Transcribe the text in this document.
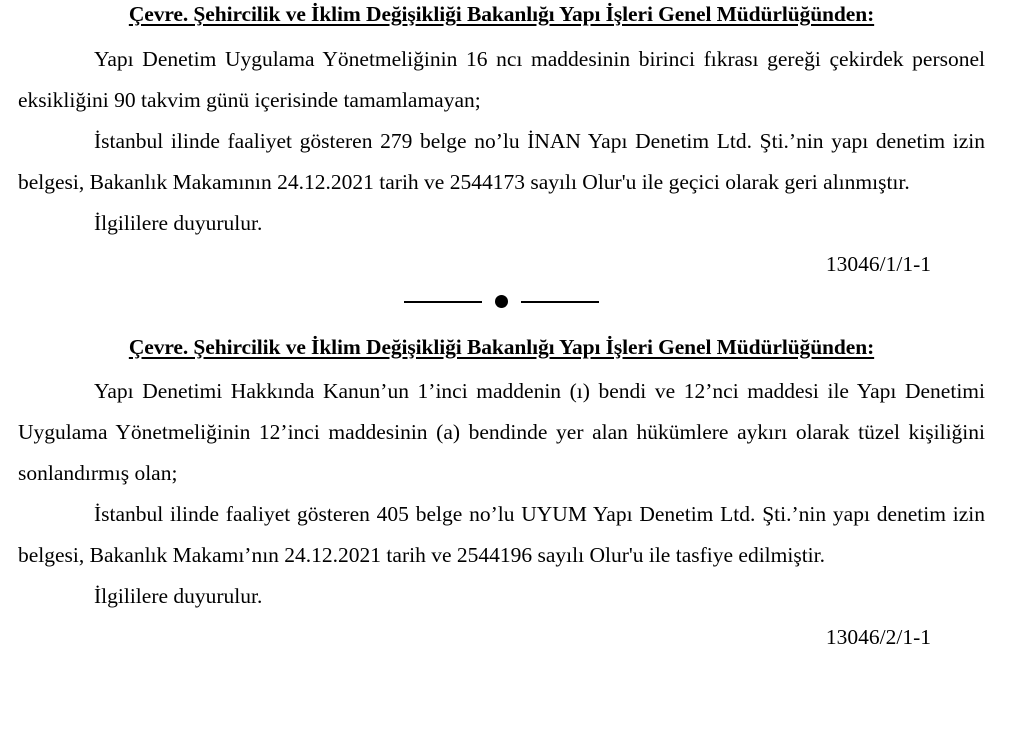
Çevre. Şehircilik ve İklim Değişikliği Bakanlığı Yapı İşleri Genel Müdürlüğünden:

Yapı Denetim Uygulama Yönetmeliğinin 16 ncı maddesinin birinci fıkrası gereği çekirdek personel eksikliğini 90 takvim günü içerisinde tamamlamayan;

İstanbul ilinde faaliyet gösteren 279 belge no’lu İNAN Yapı Denetim Ltd. Şti.’nin yapı denetim izin belgesi, Bakanlık Makamının 24.12.2021 tarih ve 2544173 sayılı Olur'u ile geçici olarak geri alınmıştır.

İlgililere duyurulur.

13046/1/1-1

Çevre. Şehircilik ve İklim Değişikliği Bakanlığı Yapı İşleri Genel Müdürlüğünden:

Yapı Denetimi Hakkında Kanun’un 1’inci maddenin (ı) bendi ve 12’nci maddesi ile Yapı Denetimi Uygulama Yönetmeliğinin 12’inci maddesinin (a) bendinde yer alan hükümlere aykırı olarak tüzel kişiliğini sonlandırmış olan;

İstanbul ilinde faaliyet gösteren 405 belge no’lu UYUM Yapı Denetim Ltd. Şti.’nin yapı denetim izin belgesi, Bakanlık Makamı’nın 24.12.2021 tarih ve 2544196 sayılı Olur'u ile tasfiye edilmiştir.

İlgililere duyurulur.

13046/2/1-1
